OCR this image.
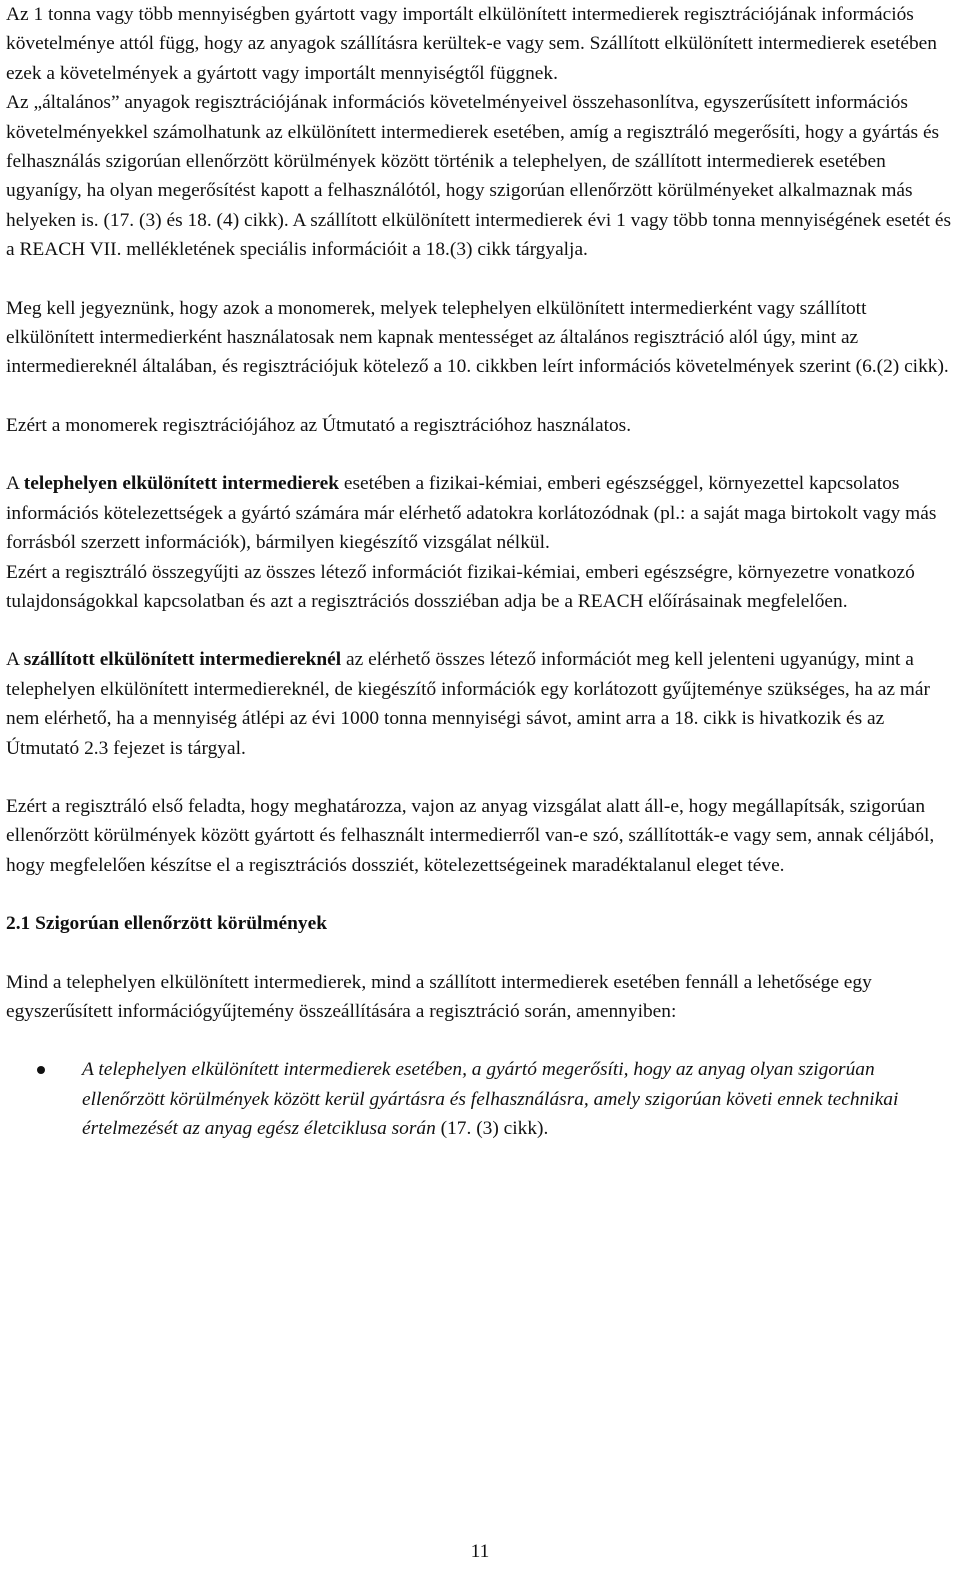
Az 1 tonna vagy több mennyiségben gyártott vagy importált elkülönített intermedierek regisztrációjának információs követelménye attól függ, hogy az anyagok szállításra kerültek-e vagy sem. Szállított elkülönített intermedierek esetében ezek a követelmények a gyártott vagy importált mennyiségtől függnek.
Az „általános” anyagok regisztrációjának információs követelményeivel összehasonlítva, egyszerűsített információs követelményekkel számolhatunk az elkülönített intermedierek esetében, amíg a regisztráló megerősíti, hogy a gyártás és felhasználás szigorúan ellenőrzött körülmények között történik a telephelyen, de szállított intermedierek esetében ugyanígy, ha olyan megerősítést kapott a felhasználótól, hogy szigorúan ellenőrzött körülményeket alkalmaznak más helyeken is. (17. (3) és 18. (4) cikk). A szállított elkülönített intermedierek évi 1 vagy több tonna mennyiségének esetét és a REACH VII. mellékletének speciális információit a 18.(3) cikk tárgyalja.

Meg kell jegyeznünk, hogy azok a monomerek, melyek telephelyen elkülönített intermedierként vagy szállított elkülönített intermedierként használatosak nem kapnak mentességet az általános regisztráció alól úgy, mint az intermediereknél általában, és regisztrációjuk kötelező a 10. cikkben leírt információs követelmények szerint (6.(2) cikk).

Ezért a monomerek regisztrációjához az Útmutató a regisztrációhoz használatos.

A telephelyen elkülönített intermedierek esetében a fizikai-kémiai, emberi egészséggel, környezettel kapcsolatos információs kötelezettségek a gyártó számára már elérhető adatokra korlátozódnak (pl.: a saját maga birtokolt vagy más forrásból szerzett információk), bármilyen kiegészítő vizsgálat nélkül.
Ezért a regisztráló összegyűjti az összes létező információt fizikai-kémiai, emberi egészségre, környezetre vonatkozó tulajdonságokkal kapcsolatban és azt a regisztrációs dossziéban adja be a REACH előírásainak megfelelően.

A szállított elkülönített intermediereknél az elérhető összes létező információt meg kell jelenteni ugyanúgy, mint a telephelyen elkülönített intermediereknél, de kiegészítő információk egy korlátozott gyűjteménye szükséges, ha az már nem elérhető, ha a mennyiség átlépi az évi 1000 tonna mennyiségi sávot, amint arra a 18. cikk is hivatkozik és az Útmutató 2.3 fejezet is tárgyal.

Ezért a regisztráló első feladta, hogy meghatározza, vajon az anyag vizsgálat alatt áll-e, hogy megállapítsák, szigorúan ellenőrzött körülmények között gyártott és felhasznált intermedierről van-e szó, szállították-e vagy sem, annak céljából, hogy megfelelően készítse el a regisztrációs dossziét, kötelezettségeinek maradéktalanul eleget téve.

2.1 Szigorúan ellenőrzött körülmények

Mind a telephelyen elkülönített intermedierek, mind a szállított intermedierek esetében fennáll a lehetősége egy egyszerűsített információgyűjtemény összeállítására a regisztráció során, amennyiben:

A telephelyen elkülönített intermedierek esetében, a gyártó megerősíti, hogy az anyag olyan szigorúan ellenőrzött körülmények között kerül gyártásra és felhasználásra, amely szigorúan követi ennek technikai értelmezését az anyag egész életciklusa során (17. (3) cikk).
11
